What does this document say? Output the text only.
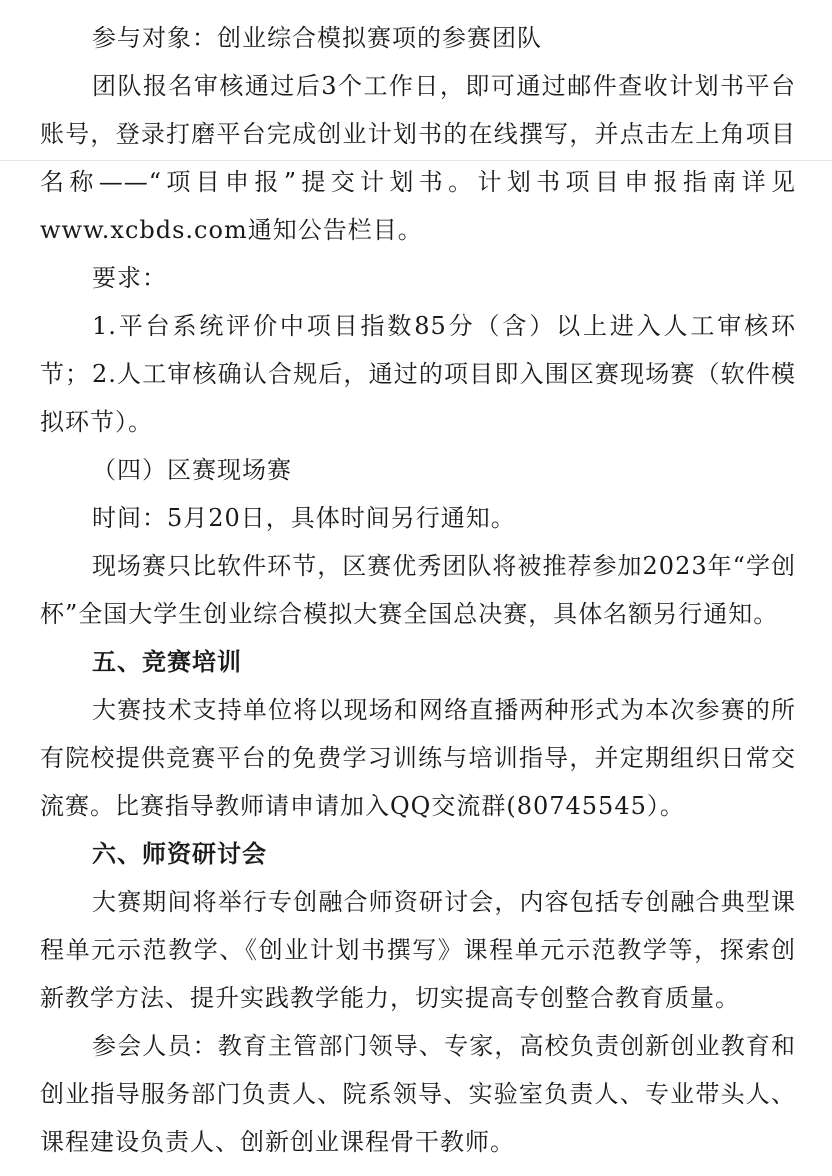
参与对象：创业综合模拟赛项的参赛团队

团队报名审核通过后3个工作日，即可通过邮件查收计划书平台账号，登录打磨平台完成创业计划书的在线撰写，并点击左上角项目名称——“项目申报”提交计划书。计划书项目申报指南详见www.xcbds.com通知公告栏目。

要求：

1.平台系统评价中项目指数85分（含）以上进入人工审核环节； 2.人工审核确认合规后，通过的项目即入围区赛现场赛（软件模拟环节）。

（四）区赛现场赛

时间：5月20日，具体时间另行通知。

现场赛只比软件环节，区赛优秀团队将被推荐参加2023年“学创杯”全国大学生创业综合模拟大赛全国总决赛，具体名额另行通知。

五、竞赛培训

大赛技术支持单位将以现场和网络直播两种形式为本次参赛的所有院校提供竞赛平台的免费学习训练与培训指导，并定期组织日常交流赛。比赛指导教师请申请加入QQ交流群(80745545）。

六、师资研讨会

大赛期间将举行专创融合师资研讨会，内容包括专创融合典型课程单元示范教学、《创业计划书撰写》课程单元示范教学等，探索创新教学方法、提升实践教学能力，切实提高专创整合教育质量。

参会人员：教育主管部门领导、专家，高校负责创新创业教育和创业指导服务部门负责人、院系领导、实验室负责人、专业带头人、课程建设负责人、创新创业课程骨干教师。
